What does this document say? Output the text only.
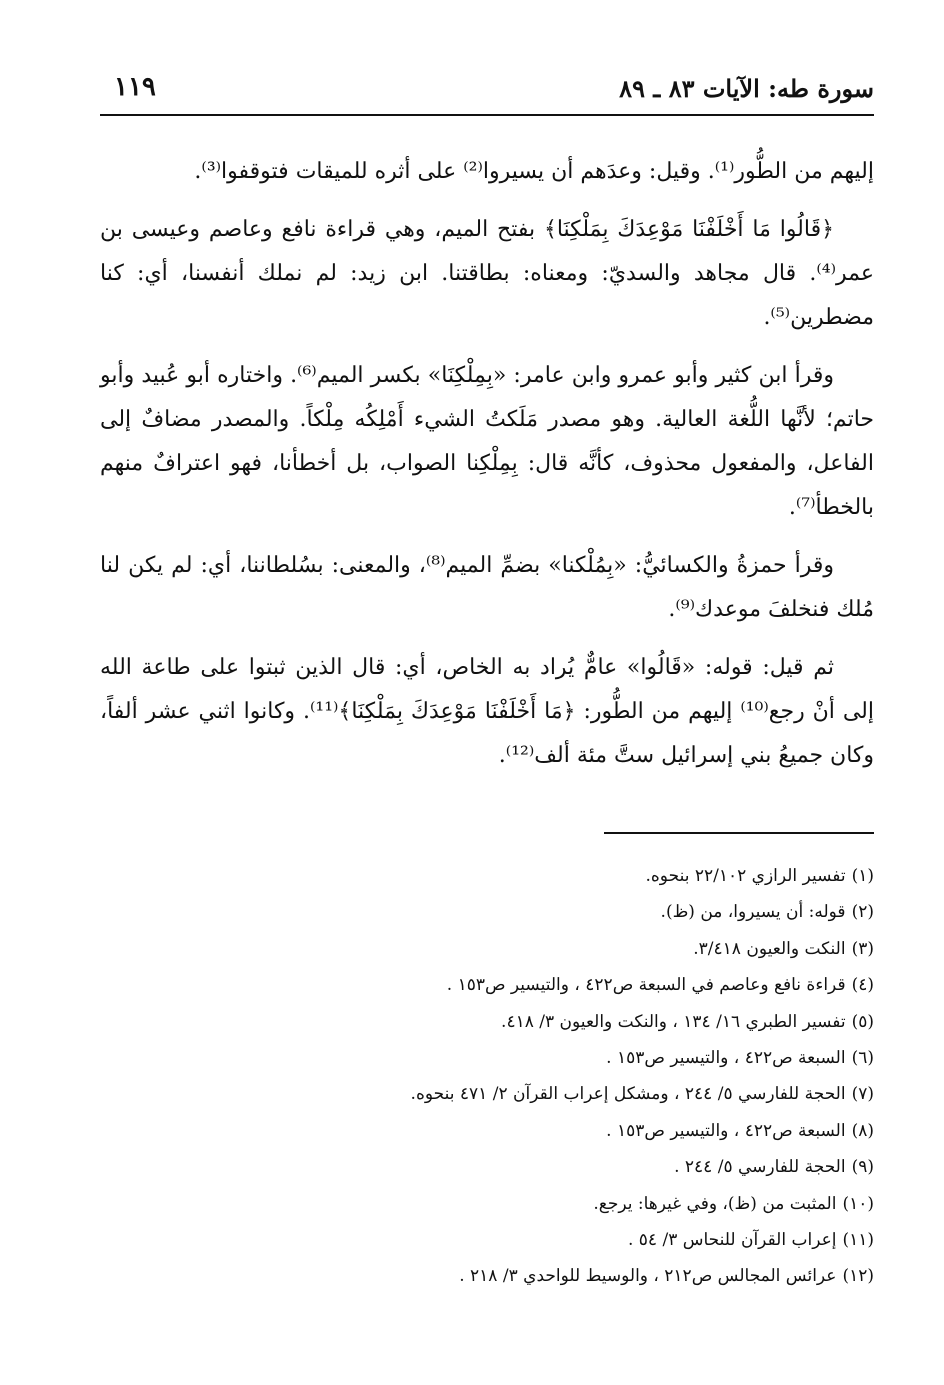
سورة طه: الآيات ٨٣ ـ ٨٩
١١٩

إليهم من الطُّور⁽¹⁾. وقيل: وعدَهم أن يسيروا⁽²⁾ على أثره للميقات فتوقفوا⁽³⁾.

﴿قَالُوا مَا أَخْلَفْنَا مَوْعِدَكَ بِمَلْكِنَا﴾ بفتح الميم، وهي قراءة نافع وعاصم وعيسى بن عمر⁽⁴⁾. قال مجاهد والسديّ: ومعناه: بطاقتنا. ابن زيد: لم نملك أنفسنا، أي: كنا مضطرين⁽⁵⁾.

وقرأ ابن كثير وأبو عمرو وابن عامر: «بِمِلْكِنَا» بكسر الميم⁽⁶⁾. واختاره أبو عُبيد وأبو حاتم؛ لأنَّها اللُّغة العالية. وهو مصدر مَلَكتُ الشيء أَمْلِكُه مِلْكاً. والمصدر مضافٌ إلى الفاعل، والمفعول محذوف، كأنَّه قال: بِمِلْكِنا الصواب، بل أخطأنا، فهو اعترافٌ منهم بالخطأ⁽⁷⁾.

وقرأ حمزةُ والكسائيُّ: «بِمُلْكنا» بضمِّ الميم⁽⁸⁾، والمعنى: بسُلطاننا، أي: لم يكن لنا مُلك فنخلفَ موعدك⁽⁹⁾.

ثم قيل: قوله: «قَالُوا» عامٌّ يُراد به الخاص، أي: قال الذين ثبتوا على طاعة الله إلى أنْ رجع⁽¹⁰⁾ إليهم من الطُّور: ﴿مَا أَخْلَفْنَا مَوْعِدَكَ بِمَلْكِنَا﴾⁽¹¹⁾. وكانوا اثني عشر ألفاً، وكان جميعُ بني إسرائيل ستَّ مئة ألف⁽¹²⁾.

(١)تفسير الرازي ٢٢/١٠٢ بنحوه.
(٢)قوله: أن يسيروا، من (ظ).
(٣)النكت والعيون ٣/٤١٨.
(٤)قراءة نافع وعاصم في السبعة ص٤٢٢ ، والتيسير ص١٥٣ .
(٥)تفسير الطبري ١٦/ ١٣٤ ، والنكت والعيون ٣/ ٤١٨.
(٦)السبعة ص٤٢٢ ، والتيسير ص١٥٣ .
(٧)الحجة للفارسي ٥/ ٢٤٤ ، ومشكل إعراب القرآن ٢/ ٤٧١ بنحوه.
(٨)السبعة ص٤٢٢ ، والتيسير ص١٥٣ .
(٩)الحجة للفارسي ٥/ ٢٤٤ .
(١٠)المثبت من (ظ)، وفي غيرها: يرجع.
(١١)إعراب القرآن للنحاس ٣/ ٥٤ .
(١٢)عرائس المجالس ص٢١٢ ، والوسيط للواحدي ٣/ ٢١٨ .
